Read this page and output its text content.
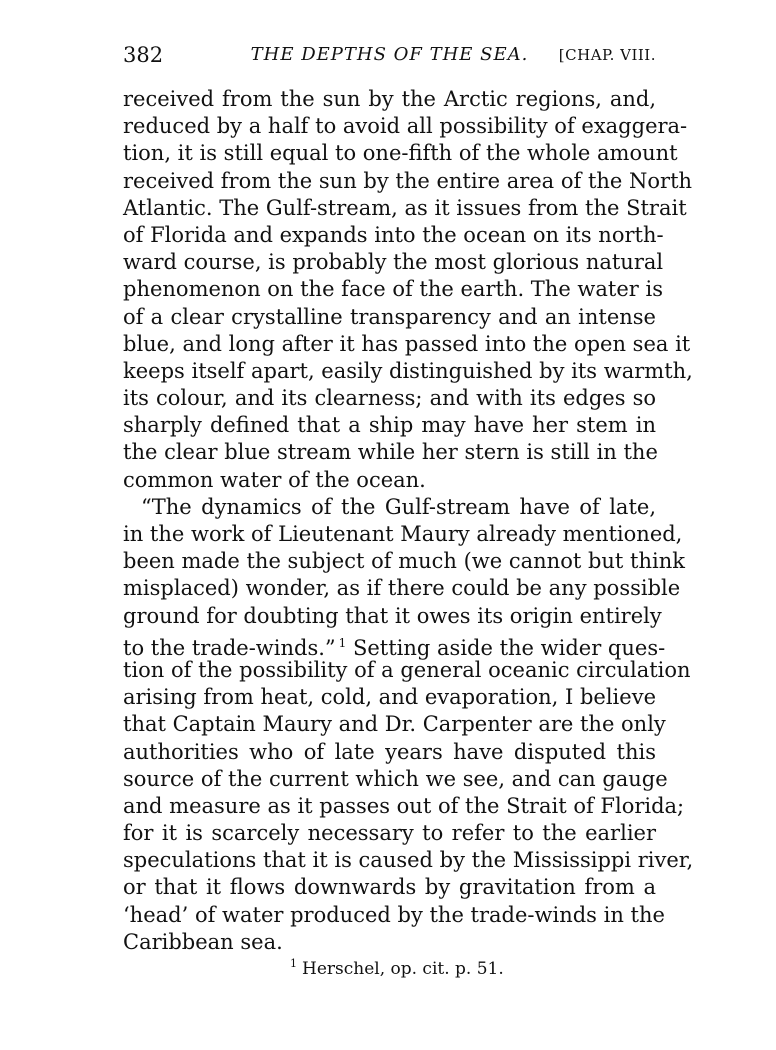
382	THE DEPTHS OF THE SEA.	[CHAP. VIII.
received from the sun by the Arctic regions, and,
reduced by a half to avoid all possibility of exaggera-
tion, it is still equal to one-fifth of the whole amount
received from the sun by the entire area of the North
Atlantic. The Gulf-stream, as it issues from the Strait
of Florida and expands into the ocean on its north-
ward course, is probably the most glorious natural
phenomenon on the face of the earth. The water is
of a clear crystalline transparency and an intense
blue, and long after it has passed into the open sea it
keeps itself apart, easily distinguished by its warmth,
its colour, and its clearness; and with its edges so
sharply defined that a ship may have her stem in
the clear blue stream while her stern is still in the
common water of the ocean.
“The dynamics of the Gulf-stream have of late,
in the work of Lieutenant Maury already mentioned,
been made the subject of much (we cannot but think
misplaced) wonder, as if there could be any possible
ground for doubting that it owes its origin entirely
to the trade-winds.” $^1$ Setting aside the wider ques-
tion of the possibility of a general oceanic circulation
arising from heat, cold, and evaporation, I believe
that Captain Maury and Dr. Carpenter are the only
authorities who of late years have disputed this
source of the current which we see, and can gauge
and measure as it passes out of the Strait of Florida;
for it is scarcely necessary to refer to the earlier
speculations that it is caused by the Mississippi river,
or that it flows downwards by gravitation from a
‘head’ of water produced by the trade-winds in the
Caribbean sea.
$^1$ Herschel, op. cit. p. 51.
